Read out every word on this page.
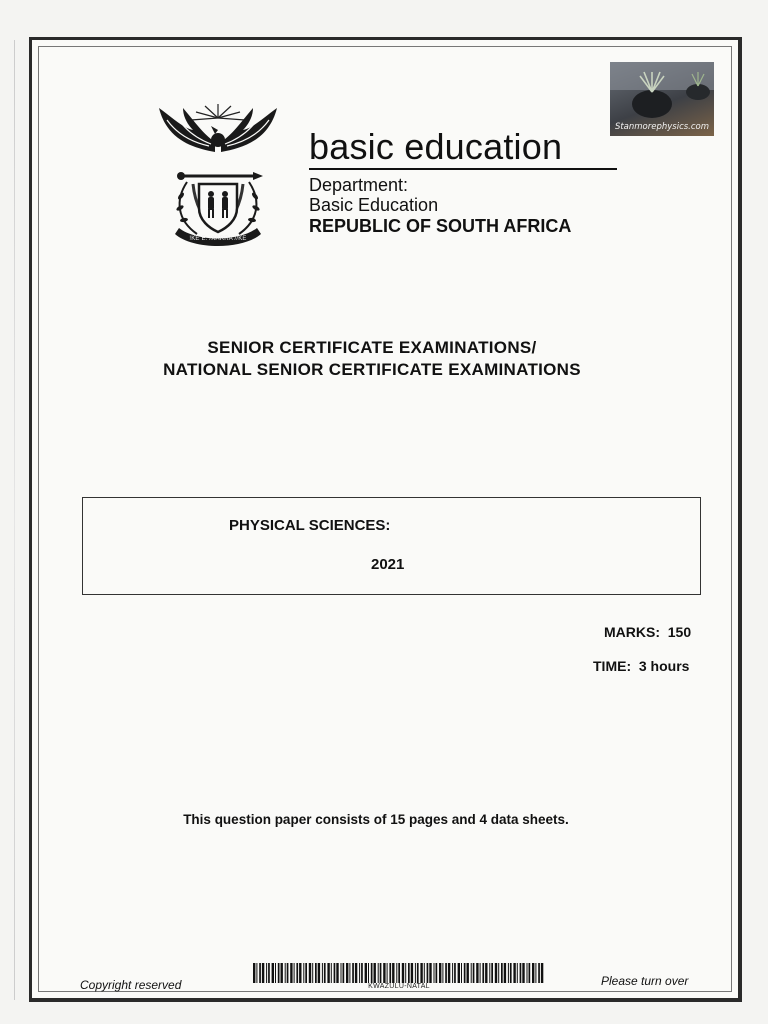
!KE E: /XARRA //KE
basic education
Department:
Basic Education
REPUBLIC OF SOUTH AFRICA
Stanmorephysics.com
SENIOR CERTIFICATE EXAMINATIONS/
NATIONAL SENIOR CERTIFICATE EXAMINATIONS
PHYSICAL SCIENCES:
2021
MARKS:  150
TIME:  3 hours
This question paper consists of 15 pages and 4 data sheets.
Copyright reserved	KWAZULU-NATAL	Please turn over
